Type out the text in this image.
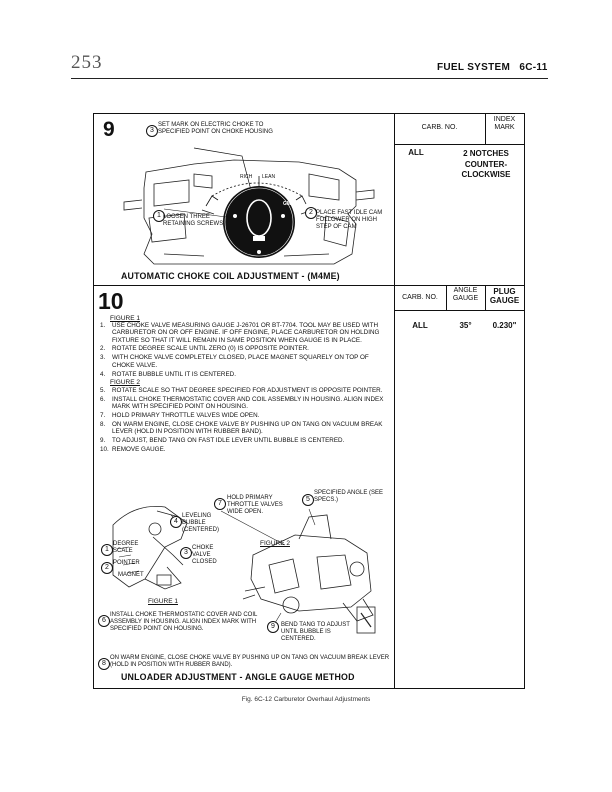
253	FUEL SYSTEM 6C-11
9	3
SET MARK ON ELECTRIC CHOKE TO SPECIFIED POINT ON CHOKE HOUSING
RICH LEAN
GM
1 LOOSEN THREE RETAINING SCREWS
2 PLACE FAST IDLE CAM FOLLOWER ON HIGH STEP OF CAM
AUTOMATIC CHOKE COIL ADJUSTMENT - (M4ME)
CARB. NO.
INDEX MARK
ALL	2 NOTCHES
COUNTER-
CLOCKWISE
10	CARB. NO.
ANGLE GAUGE
PLUG GAUGE
ALL	35°	0.230"
FIGURE 1
1.	USE CHOKE VALVE MEASURING GAUGE J-26701 OR BT-7704. TOOL MAY BE USED WITH CARBURETOR ON OR OFF ENGINE. IF OFF ENGINE, PLACE CARBURETOR ON HOLDING FIXTURE SO THAT IT WILL REMAIN IN SAME POSITION WHEN GAUGE IS IN PLACE.
2.	ROTATE DEGREE SCALE UNTIL ZERO (0) IS OPPOSITE POINTER.
3.	WITH CHOKE VALVE COMPLETELY CLOSED, PLACE MAGNET SQUARELY ON TOP OF CHOKE VALVE.
4.	ROTATE BUBBLE UNTIL IT IS CENTERED.
5.	ROTATE SCALE SO THAT DEGREE SPECIFIED FOR ADJUSTMENT IS OPPOSITE POINTER.
6.	INSTALL CHOKE THERMOSTATIC COVER AND COIL ASSEMBLY IN HOUSING. ALIGN INDEX MARK WITH SPECIFIED POINT ON HOUSING.
7.	HOLD PRIMARY THROTTLE VALVES WIDE OPEN.
8.	ON WARM ENGINE, CLOSE CHOKE VALVE BY PUSHING UP ON TANG ON VACUUM BREAK LEVER (HOLD IN POSITION WITH RUBBER BAND).
9.	TO ADJUST, BEND TANG ON FAST IDLE LEVER UNTIL BUBBLE IS CENTERED.
10. REMOVE GAUGE.
FIGURE 2
7
HOLD PRIMARY THROTTLE VALVES WIDE OPEN.
5
SPECIFIED ANGLE (SEE SPECS.)
4
LEVELING BUBBLE (CENTERED)
1
DEGREE SCALE	3
CHOKE VALVE CLOSED
2
POINTER
MAGNET
FIGURE 1
FIGURE 2
6
INSTALL CHOKE THERMOSTATIC COVER AND COIL ASSEMBLY IN HOUSING. ALIGN INDEX MARK WITH SPECIFIED POINT ON HOUSING.	9	BEND TANG TO ADJUST UNTIL BUBBLE IS CENTERED.
8
ON WARM ENGINE, CLOSE CHOKE VALVE BY PUSHING UP ON TANG ON VACUUM BREAK LEVER (HOLD IN POSITION WITH RUBBER BAND).
UNLOADER ADJUSTMENT - ANGLE GAUGE METHOD
Fig. 6C-12 Carburetor Overhaul Adjustments
